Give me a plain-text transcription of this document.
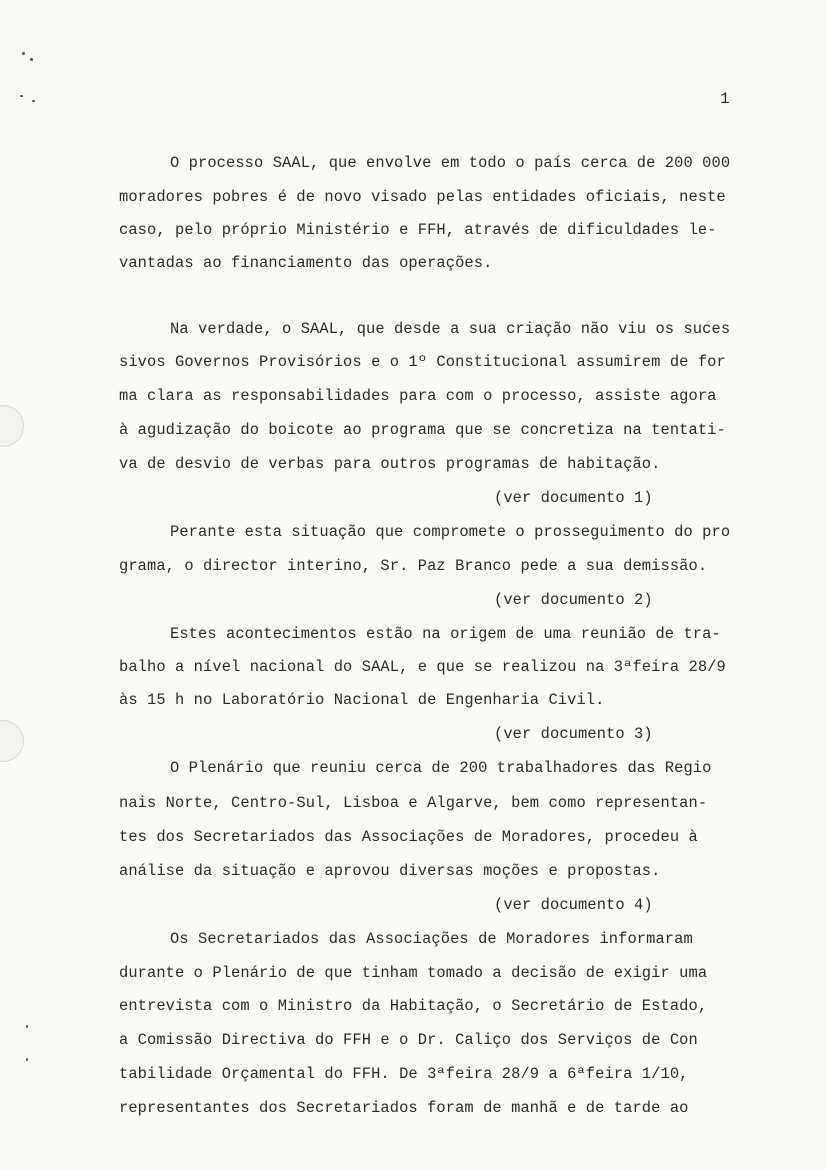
1
O processo SAAL, que envolve em todo o país cerca de 200 000
moradores pobres é de novo visado pelas entidades oficiais, neste
caso, pelo próprio Ministério e FFH, através de dificuldades le-
vantadas ao financiamento das operações.
Na verdade, o SAAL, que desde a sua criação não viu os suces
sivos Governos Provisórios e o 1º Constitucional assumirem de for
ma clara as responsabilidades para com o processo, assiste agora
à agudização do boicote ao programa que se concretiza na tentati-
va de desvio de verbas para outros programas de habitação.
(ver documento 1)
Perante esta situação que compromete o prosseguimento do pro
grama, o director interino, Sr. Paz Branco pede a sua demissão.
(ver documento 2)
Estes acontecimentos estão na origem de uma reunião de tra-
balho a nível nacional do SAAL, e que se realizou na 3ªfeira 28/9
às 15 h no Laboratório Nacional de Engenharia Civil.
(ver documento 3)
O Plenário que reuniu cerca de 200 trabalhadores das Regio
nais Norte, Centro-Sul, Lisboa e Algarve, bem como representan-
tes dos Secretariados das Associações de Moradores, procedeu à
análise da situação e aprovou diversas moções e propostas.
(ver documento 4)
Os Secretariados das Associações de Moradores informaram
durante o Plenário de que tinham tomado a decisão de exigir uma
entrevista com o Ministro da Habitação, o Secretário de Estado,
a Comissão Directiva do FFH e o Dr. Caliço dos Serviços de Con
tabilidade Orçamental do FFH. De 3ªfeira 28/9 a 6ªfeira 1/10,
representantes dos Secretariados foram de manhã e de tarde ao
